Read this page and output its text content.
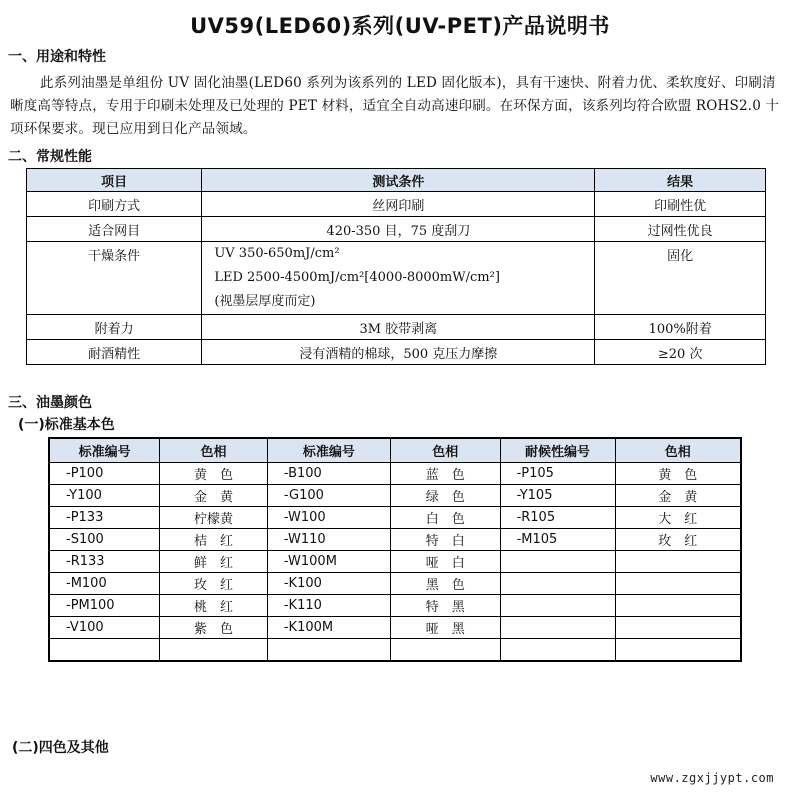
UV59(LED60)系列(UV-PET)产品说明书
一、用途和特性
此系列油墨是单组份 UV 固化油墨(LED60 系列为该系列的 LED 固化版本)，具有干速快、附着力优、柔软度好、印刷清晰度高等特点，专用于印刷未处理及已处理的 PET 材料，适宜全自动高速印刷。在环保方面，该系列均符合欧盟 ROHS2.0 十项环保要求。现已应用到日化产品领域。
二、常规性能
项目	测试条件	结果
印刷方式	丝网印刷	印刷性优
适合网目	420-350 目，75 度刮刀	过网性优良
干燥条件	UV 350-650mJ/cm²
LED 2500-4500mJ/cm²[4000-8000mW/cm²]
(视墨层厚度而定)	固化
附着力	3M 胶带剥离	100%附着
耐酒精性	浸有酒精的棉球，500 克压力摩擦	≥20 次
三、油墨颜色
(一)标准基本色
标准编号	色相	标准编号	色相	耐候性编号	色相
-P100	黄　色	-B100	蓝　色	-P105	黄　色
-Y100	金　黄	-G100	绿　色	-Y105	金　黄
-P133	柠檬黄	-W100	白　色	-R105	大　红
-S100	桔　红	-W110	特　白	-M105	玫　红
-R133	鲜　红	-W100M	哑　白		
-M100	玫　红	-K100	黑　色		
-PM100	桃　红	-K110	特　黑		
-V100	紫　色	-K100M	哑　黑		

(二)四色及其他
www.zgxjjypt.com
